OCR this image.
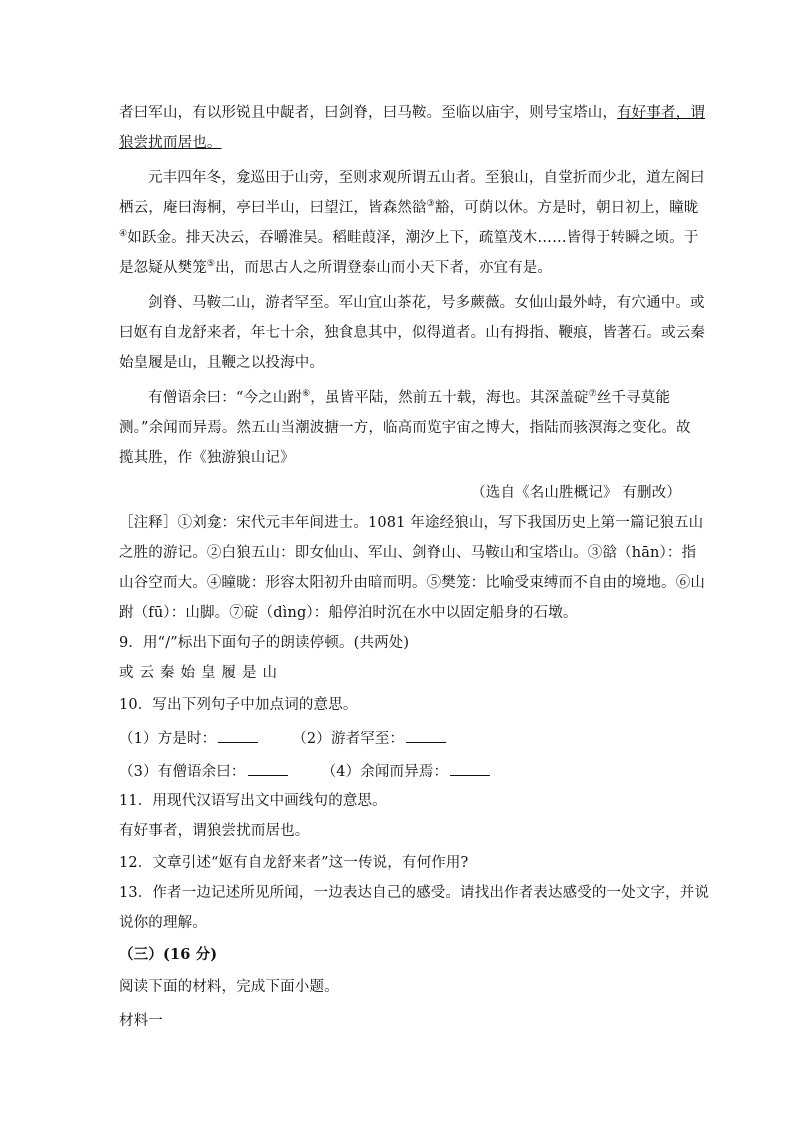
者曰军山，有以形锐且中龊者，曰剑脊，曰马鞍。至临以庙宇，则号宝塔山，有好事者，谓
狼尝扰而居也。
元丰四年冬，龛巡田于山旁，至则求观所谓五山者。至狼山，自堂折而少北，道左阁曰
栖云，庵曰海桐，亭曰半山，曰望江，皆森然谽③豁，可荫以休。方是时，朝日初上，瞳昽
④如跃金。排天决云，吞嚼淮吴。稻畦葭泽，潮汐上下，疏篁茂木……皆得于转瞬之顷。于
是忽疑从樊笼⑤出，而思古人之所谓登泰山而小天下者，亦宜有是。
剑脊、马鞍二山，游者罕至。军山宜山茶花，号多蕨薇。女仙山最外峙，有穴通中。或
曰妪有自龙舒来者，年七十余，独食息其中，似得道者。山有拇指、鞭痕，皆著石。或云秦
始皇履是山，且鞭之以投海中。
有僧语余曰：“今之山跗⑥，虽皆平陆，然前五十载，海也。其深盖碇⑦丝千寻莫能
测。”余闻而异焉。然五山当潮波搪一方，临高而览宇宙之博大，指陆而骇溟海之变化。故
揽其胜，作《独游狼山记》
（选自《名山胜概记》 有删改）
［注释］①刘龛：宋代元丰年间进士。1081 年途经狼山，写下我国历史上第一篇记狼五山
之胜的游记。②白狼五山：即女仙山、军山、剑脊山、马鞍山和宝塔山。③谽（hān）：指
山谷空而大。④瞳昽：形容太阳初升由暗而明。⑤樊笼：比喻受束缚而不自由的境地。⑥山
跗（fū）：山脚。⑦碇（dìng）：船停泊时沉在水中以固定船身的石墩。
9．用“/”标出下面句子的朗读停顿。(共两处)
或云秦始皇履是山
10．写出下列句子中加点词的意思。
（1）方是时：	（2）游者罕至：
（3）有僧语余曰：	（4）余闻而异焉：
11．用现代汉语写出文中画线句的意思。
有好事者，谓狼尝扰而居也。
12．文章引述“妪有自龙舒来者”这一传说，有何作用?
13．作者一边记述所见所闻，一边表达自己的感受。请找出作者表达感受的一处文字，并说
说你的理解。
（三）(16 分)
阅读下面的材料，完成下面小题。
材料一
